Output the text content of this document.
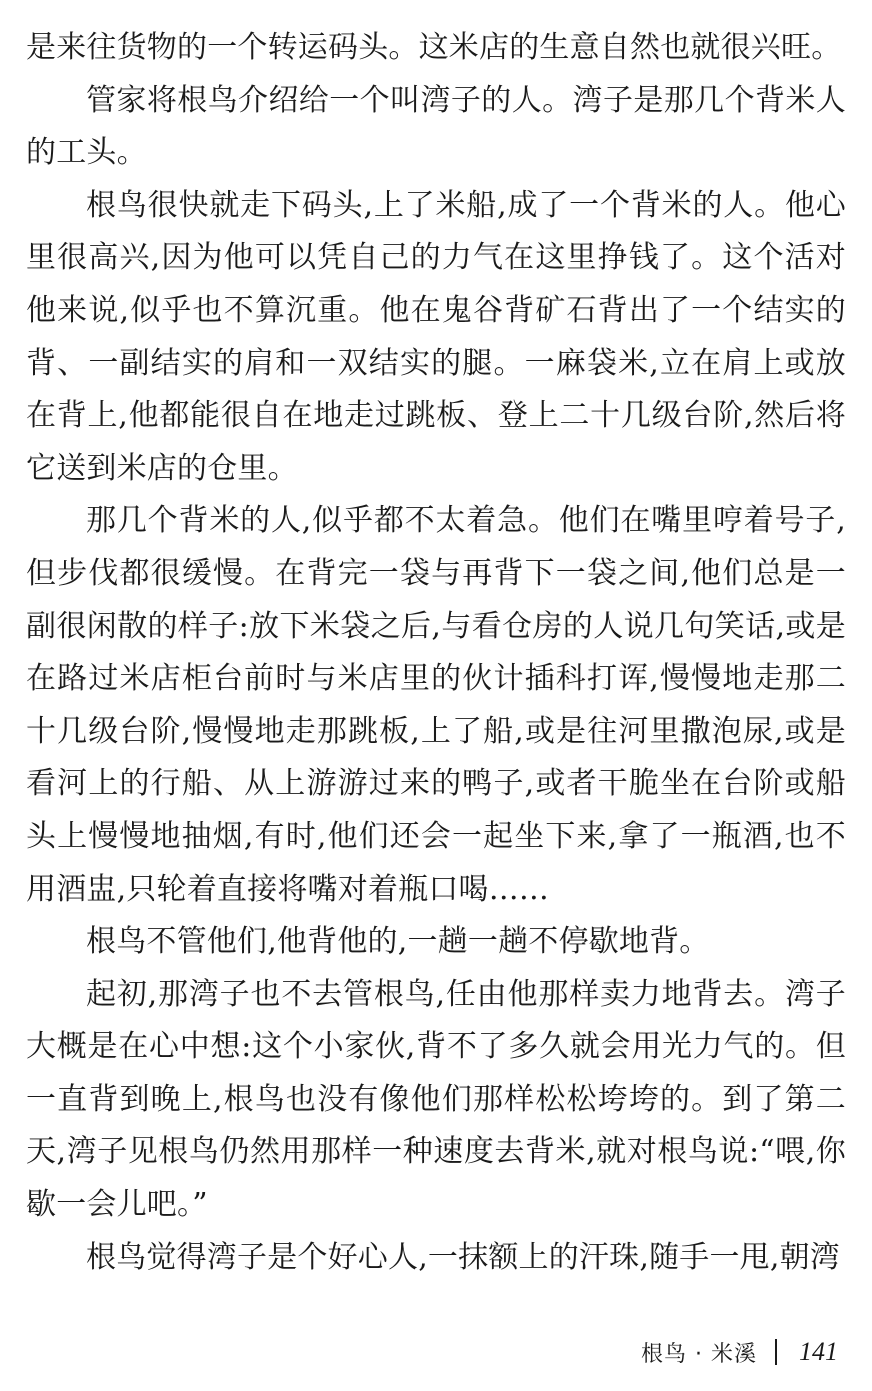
是来往货物的一个转运码头。这米店的生意自然也就很兴旺。

管家将根鸟介绍给一个叫湾子的人。湾子是那几个背米人的工头。

根鸟很快就走下码头,上了米船,成了一个背米的人。他心里很高兴,因为他可以凭自己的力气在这里挣钱了。这个活对他来说,似乎也不算沉重。他在鬼谷背矿石背出了一个结实的背、一副结实的肩和一双结实的腿。一麻袋米,立在肩上或放在背上,他都能很自在地走过跳板、登上二十几级台阶,然后将它送到米店的仓里。

那几个背米的人,似乎都不太着急。他们在嘴里哼着号子,但步伐都很缓慢。在背完一袋与再背下一袋之间,他们总是一副很闲散的样子:放下米袋之后,与看仓房的人说几句笑话,或是在路过米店柜台前时与米店里的伙计插科打诨,慢慢地走那二十几级台阶,慢慢地走那跳板,上了船,或是往河里撒泡尿,或是看河上的行船、从上游游过来的鸭子,或者干脆坐在台阶或船头上慢慢地抽烟,有时,他们还会一起坐下来,拿了一瓶酒,也不用酒盅,只轮着直接将嘴对着瓶口喝……

根鸟不管他们,他背他的,一趟一趟不停歇地背。

起初,那湾子也不去管根鸟,任由他那样卖力地背去。湾子大概是在心中想:这个小家伙,背不了多久就会用光力气的。但一直背到晚上,根鸟也没有像他们那样松松垮垮的。到了第二天,湾子见根鸟仍然用那样一种速度去背米,就对根鸟说:“喂,你歇一会儿吧。”

根鸟觉得湾子是个好心人,一抹额上的汗珠,随手一甩,朝湾

根鸟 · 米溪 141
